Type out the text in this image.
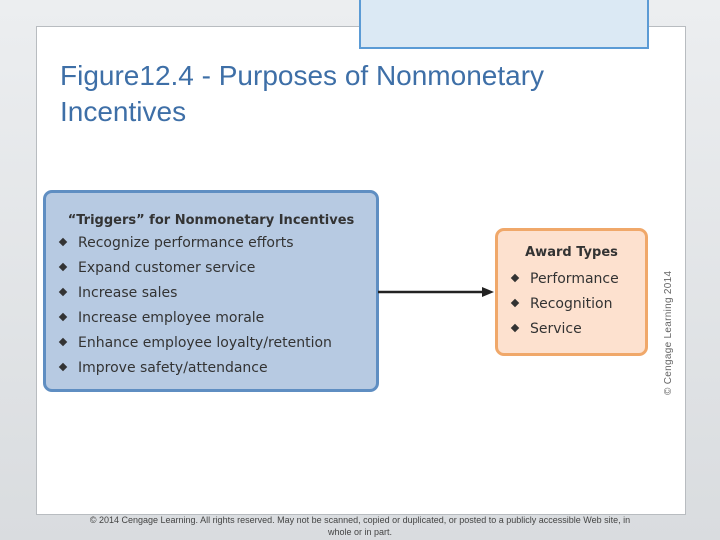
Figure12.4 - Purposes of Nonmonetary
Incentives
“Triggers” for Nonmonetary Incentives
Recognize performance efforts
Expand customer service
Increase sales
Increase employee morale
Enhance employee loyalty/retention
Improve safety/attendance
Award Types
Performance
Recognition
Service	© Cengage Learning 2014
© 2014 Cengage Learning. All rights reserved. May not be scanned, copied or duplicated, or posted to a publicly accessible Web site, in
whole or in part.
